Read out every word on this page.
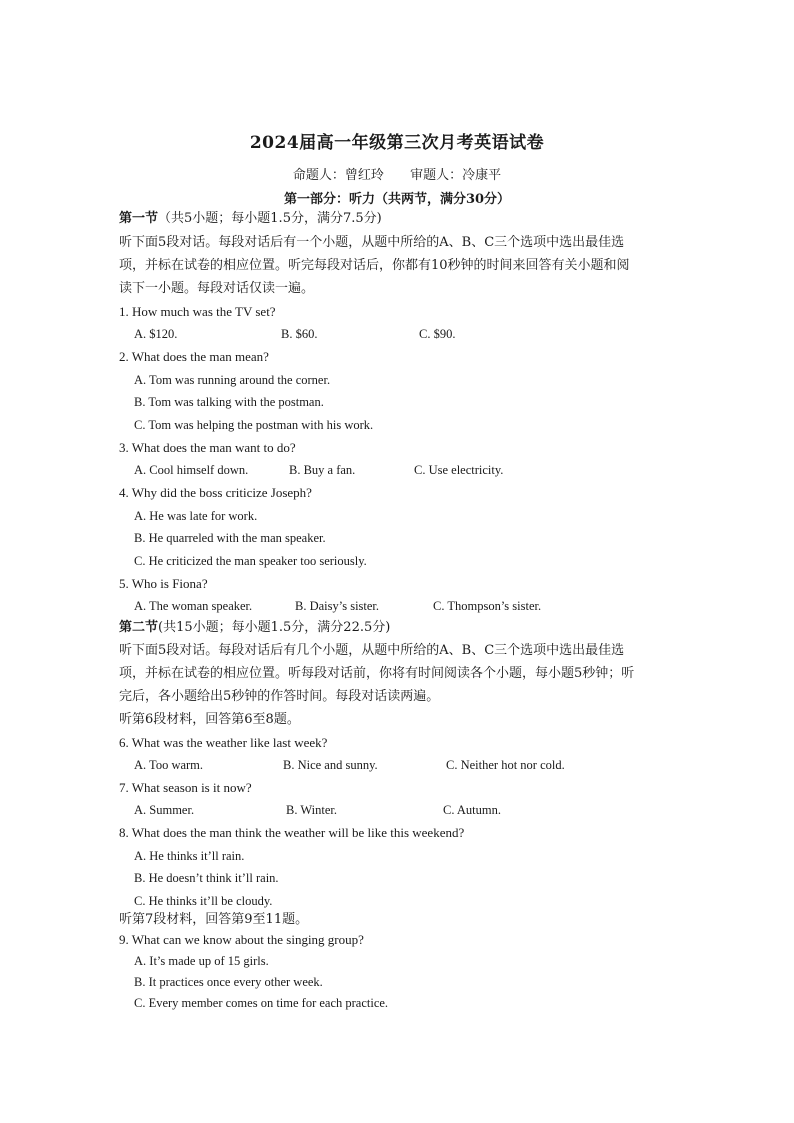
2024届高一年级第三次月考英语试卷
命题人：曾红玲 审题人：冷康平
第一部分：听力（共两节，满分30分）
第一节（共5小题；每小题1.5分，满分7.5分)
听下面5段对话。每段对话后有一个小题，从题中所给的A、B、C三个选项中选出最佳选
项，并标在试卷的相应位置。听完每段对话后，你都有10秒钟的时间来回答有关小题和阅
读下一小题。每段对话仅读一遍。
1. How much was the TV set?
A. $120.	B. $60.	C. $90.
2. What does the man mean?
A. Tom was running around the corner.
B. Tom was talking with the postman.
C. Tom was helping the postman with his work.
3. What does the man want to do?
A. Cool himself down.	B. Buy a fan.	C. Use electricity.
4. Why did the boss criticize Joseph?
A. He was late for work.
B. He quarreled with the man speaker.
C. He criticized the man speaker too seriously.
5. Who is Fiona?
A. The woman speaker.	B. Daisy’s sister.	C. Thompson’s sister.
第二节(共15小题；每小题1.5分，满分22.5分)
听下面5段对话。每段对话后有几个小题，从题中所给的A、B、C三个选项中选出最佳选
项，并标在试卷的相应位置。听每段对话前，你将有时间阅读各个小题，每小题5秒钟；听
完后，各小题给出5秒钟的作答时间。每段对话读两遍。
听第6段材料，回答第6至8题。
6. What was the weather like last week?
A. Too warm.	B. Nice and sunny.	C. Neither hot nor cold.
7. What season is it now?
A. Summer.	B. Winter.	C. Autumn.
8. What does the man think the weather will be like this weekend?
A. He thinks it’ll rain.
B. He doesn’t think it’ll rain.
C. He thinks it’ll be cloudy.
听第7段材料，回答第9至11题。
9. What can we know about the singing group?
A. It’s made up of 15 girls.
B. It practices once every other week.
C. Every member comes on time for each practice.
